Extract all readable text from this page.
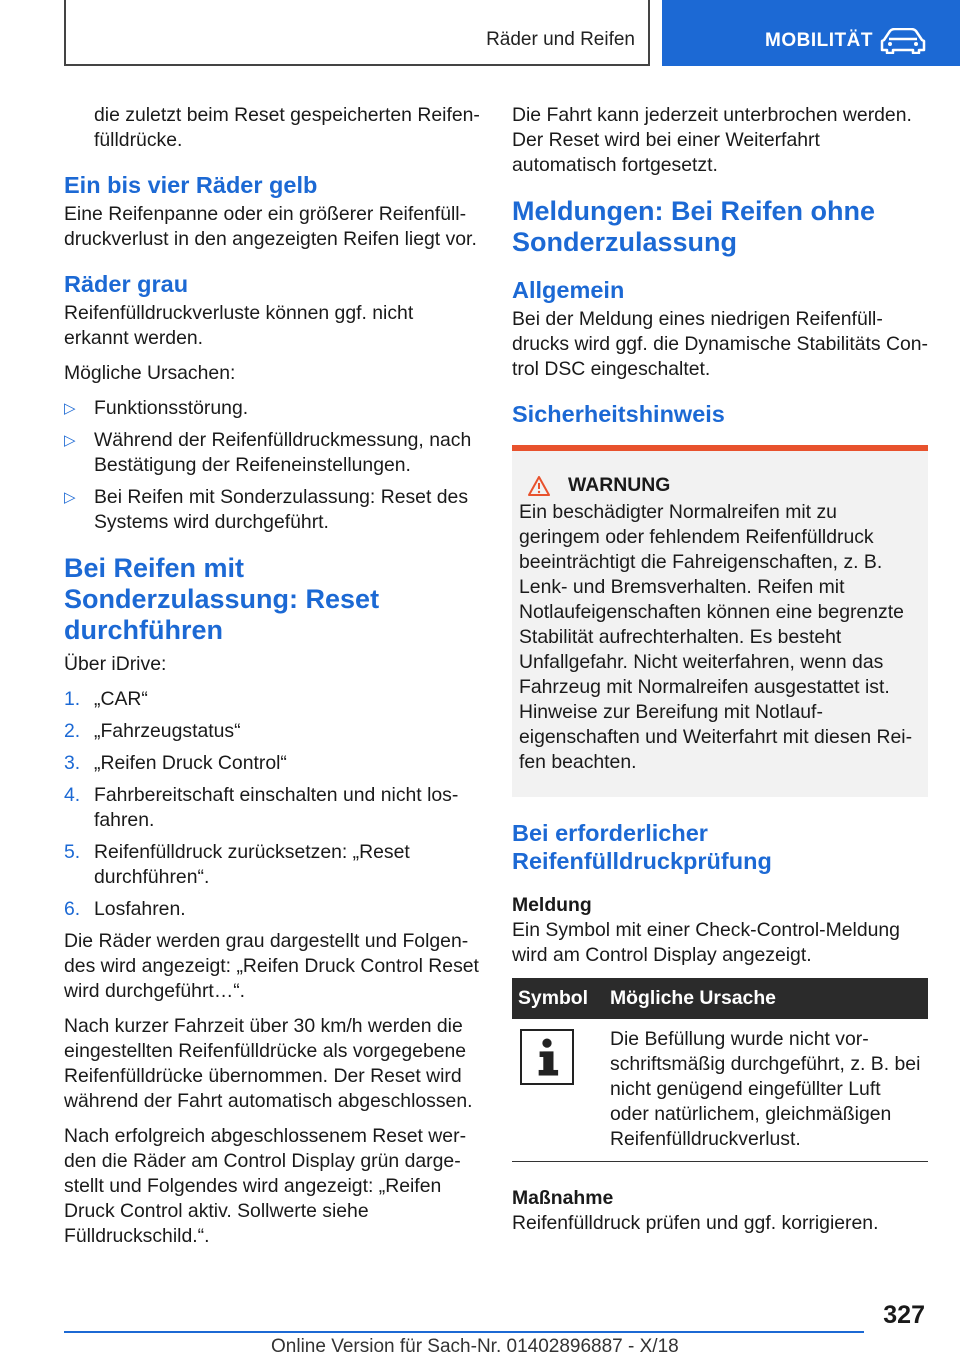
Räder und Reifen	MOBILITÄT
die zuletzt beim Reset gespeicherten Reifenfülldrücke.
Ein bis vier Räder gelb
Eine Reifenpanne oder ein größerer Reifenfülldruckverlust in den angezeigten Reifen liegt vor.
Räder grau
Reifenfülldruckverluste können ggf. nicht erkannt werden.
Mögliche Ursachen:
▷ Funktionsstörung.
▷ Während der Reifenfülldruckmessung, nach Bestätigung der Reifeneinstellungen.
▷ Bei Reifen mit Sonderzulassung: Reset des Systems wird durchgeführt.
Bei Reifen mit Sonderzulassung: Reset durchführen
Über iDrive:
1. „CAR“
2. „Fahrzeugstatus“
3. „Reifen Druck Control“
4. Fahrbereitschaft einschalten und nicht losfahren.
5. Reifenfülldruck zurücksetzen: „Reset durchführen“.
6. Losfahren.
Die Räder werden grau dargestellt und Folgendes wird angezeigt: „Reifen Druck Control Reset wird durchgeführt…“.
Nach kurzer Fahrzeit über 30 km/h werden die eingestellten Reifenfülldrücke als vorgegebene Reifenfülldrücke übernommen. Der Reset wird während der Fahrt automatisch abgeschlossen.
Nach erfolgreich abgeschlossenem Reset werden die Räder am Control Display grün dargestellt und Folgendes wird angezeigt: „Reifen Druck Control aktiv. Sollwerte siehe Fülldruckschild.“.
Die Fahrt kann jederzeit unterbrochen werden. Der Reset wird bei einer Weiterfahrt automatisch fortgesetzt.
Meldungen: Bei Reifen ohne Sonderzulassung
Allgemein
Bei der Meldung eines niedrigen Reifenfülldrucks wird ggf. die Dynamische Stabilitäts Control DSC eingeschaltet.
Sicherheitshinweis
WARNUNG
Ein beschädigter Normalreifen mit zu geringem oder fehlendem Reifenfülldruck beeinträchtigt die Fahreigenschaften, z. B. Lenk- und Bremsverhalten. Reifen mit Notlaufeigenschaften können eine begrenzte Stabilität aufrechterhalten. Es besteht Unfallgefahr. Nicht weiterfahren, wenn das Fahrzeug mit Normalreifen ausgestattet ist. Hinweise zur Bereifung mit Notlaufeigenschaften und Weiterfahrt mit diesen Reifen beachten.
Bei erforderlicher Reifenfülldruckprüfung
Meldung
Ein Symbol mit einer Check-Control-Meldung wird am Control Display angezeigt.
Symbol	Mögliche Ursache
	Die Befüllung wurde nicht vorschriftsmäßig durchgeführt, z. B. bei nicht genügend eingefüllter Luft oder natürlichem, gleichmäßigen Reifenfülldruckverlust.
Maßnahme
Reifenfülldruck prüfen und ggf. korrigieren.
327
Online Version für Sach-Nr. 01402896887 - X/18
